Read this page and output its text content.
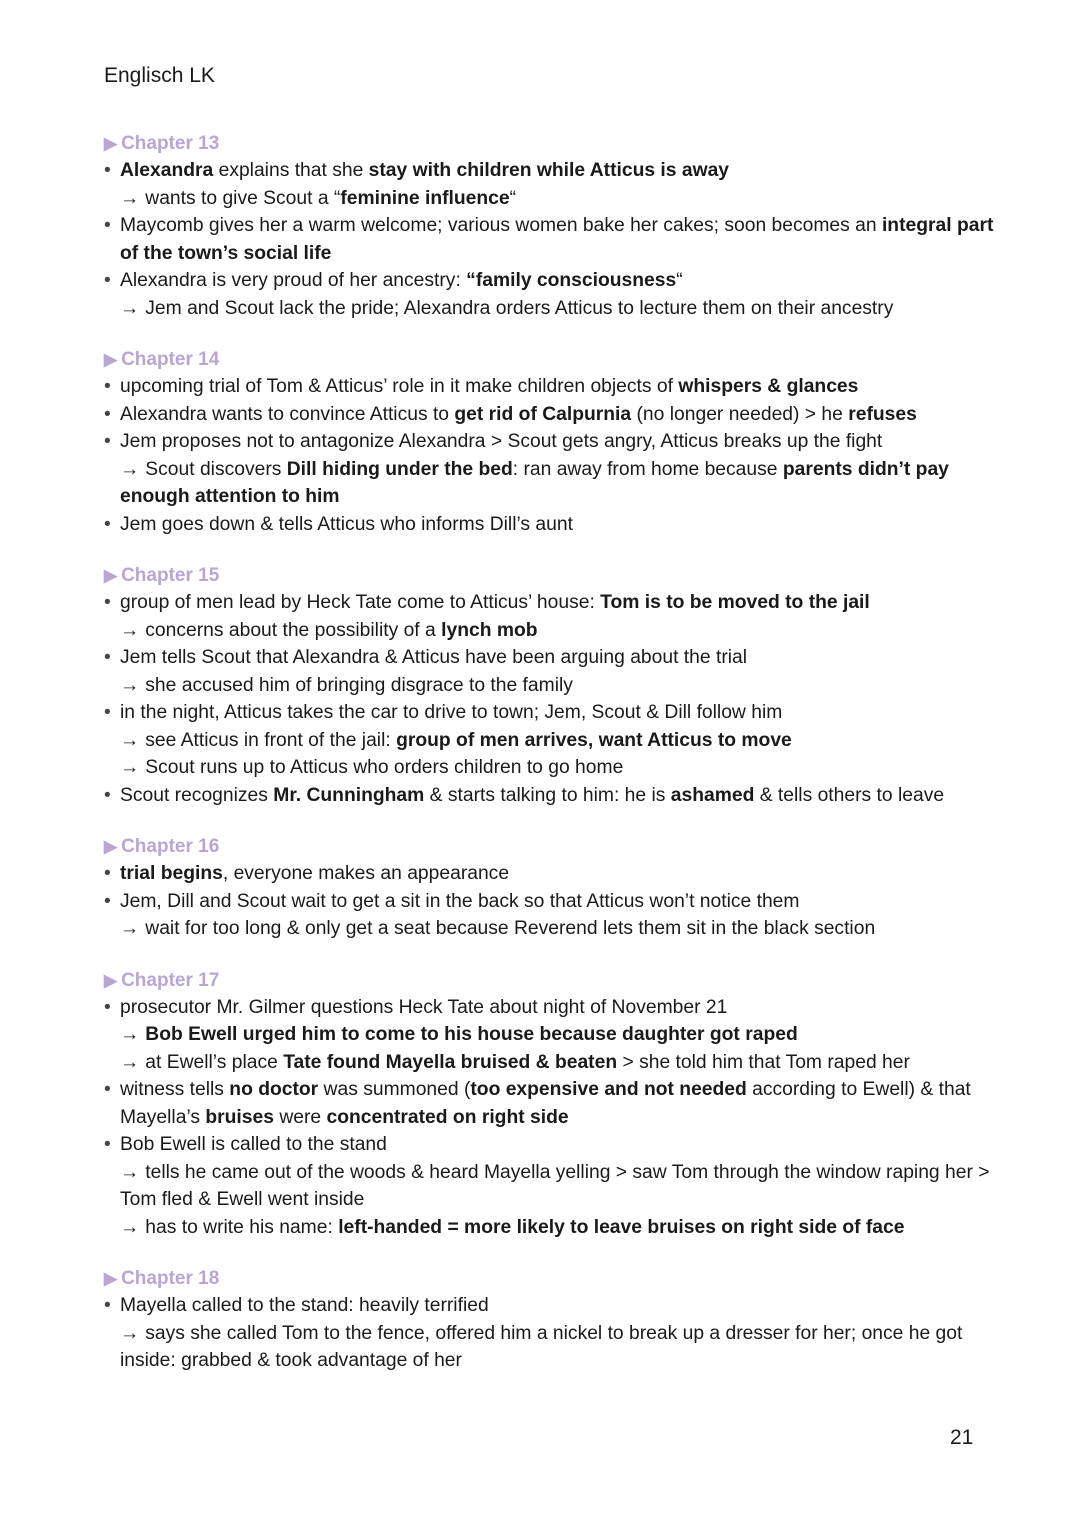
Englisch LK
▶ Chapter 13
• Alexandra explains that she stay with children while Atticus is away
→ wants to give Scout a “feminine influence“
• Maycomb gives her a warm welcome; various women bake her cakes; soon becomes an integral part of the town’s social life
• Alexandra is very proud of her ancestry: “family consciousness“
→ Jem and Scout lack the pride; Alexandra orders Atticus to lecture them on their ancestry
▶ Chapter 14
• upcoming trial of Tom & Atticus’ role in it make children objects of whispers & glances
• Alexandra wants to convince Atticus to get rid of Calpurnia (no longer needed) > he refuses
• Jem proposes not to antagonize Alexandra > Scout gets angry, Atticus breaks up the fight
→ Scout discovers Dill hiding under the bed: ran away from home because parents didn’t pay enough attention to him
• Jem goes down & tells Atticus who informs Dill’s aunt
▶ Chapter 15
• group of men lead by Heck Tate come to Atticus’ house: Tom is to be moved to the jail
→ concerns about the possibility of a lynch mob
• Jem tells Scout that Alexandra & Atticus have been arguing about the trial
→ she accused him of bringing disgrace to the family
• in the night, Atticus takes the car to drive to town; Jem, Scout & Dill follow him
→ see Atticus in front of the jail: group of men arrives, want Atticus to move
→ Scout runs up to Atticus who orders children to go home
• Scout recognizes Mr. Cunningham & starts talking to him: he is ashamed & tells others to leave
▶ Chapter 16
• trial begins, everyone makes an appearance
• Jem, Dill and Scout wait to get a sit in the back so that Atticus won’t notice them
→ wait for too long & only get a seat because Reverend lets them sit in the black section
▶ Chapter 17
• prosecutor Mr. Gilmer questions Heck Tate about night of November 21
→ Bob Ewell urged him to come to his house because daughter got raped
→ at Ewell’s place Tate found Mayella bruised & beaten > she told him that Tom raped her
• witness tells no doctor was summoned (too expensive and not needed according to Ewell) & that Mayella’s bruises were concentrated on right side
• Bob Ewell is called to the stand
→ tells he came out of the woods & heard Mayella yelling > saw Tom through the window raping her > Tom fled & Ewell went inside
→ has to write his name: left-handed = more likely to leave bruises on right side of face
▶ Chapter 18
• Mayella called to the stand: heavily terrified
→ says she called Tom to the fence, offered him a nickel to break up a dresser for her; once he got inside: grabbed & took advantage of her
21
